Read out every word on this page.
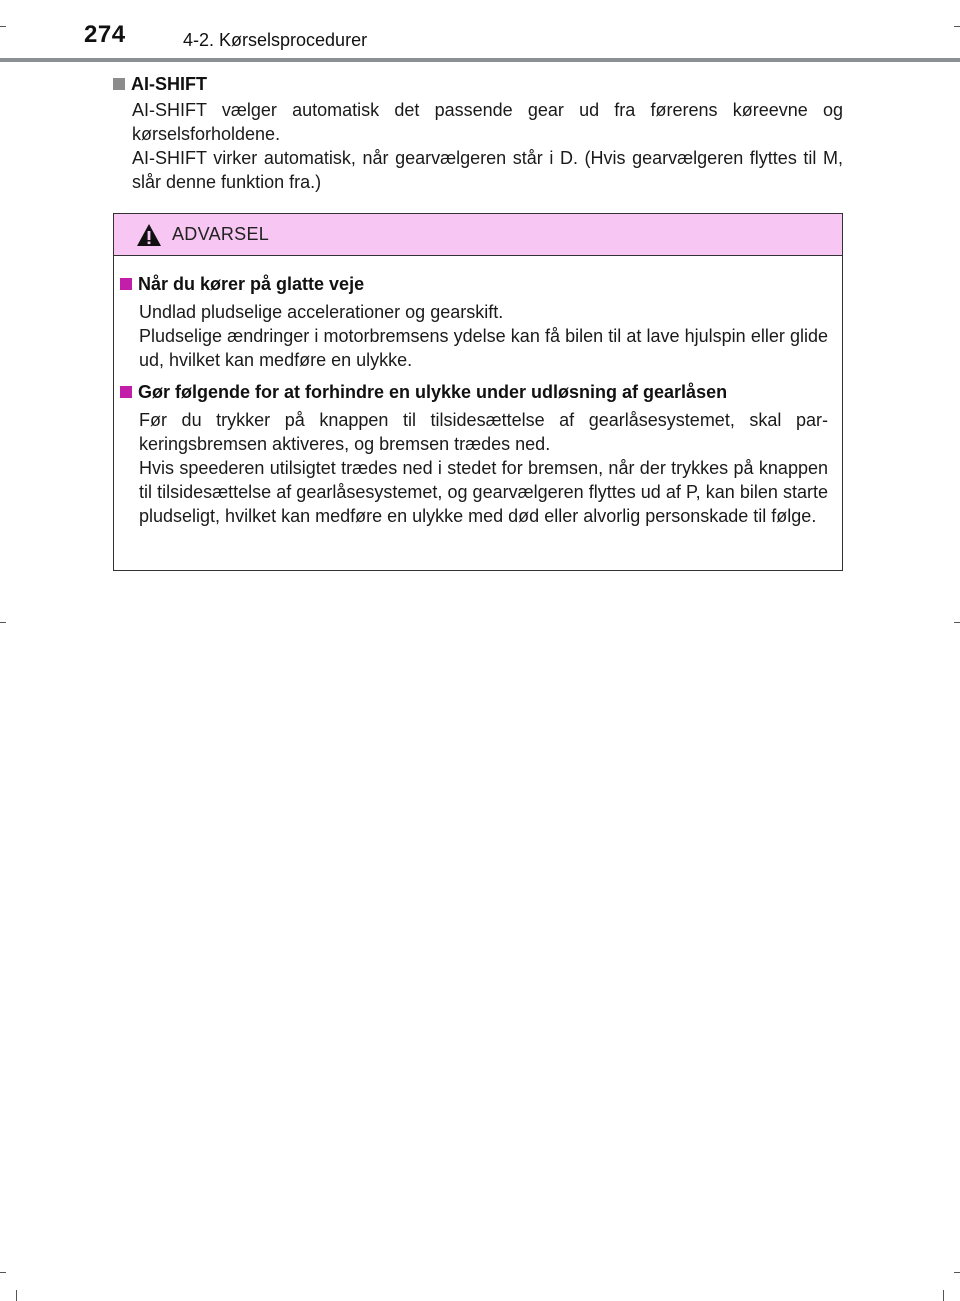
274	4-2. Kørselsprocedurer
AI-SHIFT
AI-SHIFT vælger automatisk det passende gear ud fra førerens køreevne og kørselsforholdene.
AI-SHIFT virker automatisk, når gearvælgeren står i D. (Hvis gearvælgeren flyttes til M, slår denne funktion fra.)
ADVARSEL
Når du kører på glatte veje
Undlad pludselige accelerationer og gearskift.
Pludselige ændringer i motorbremsens ydelse kan få bilen til at lave hjulspin eller glide ud, hvilket kan medføre en ulykke.
Gør følgende for at forhindre en ulykke under udløsning af gearlåsen
Før du trykker på knappen til tilsidesættelse af gearlåsesystemet, skal par-keringsbremsen aktiveres, og bremsen trædes ned.
Hvis speederen utilsigtet trædes ned i stedet for bremsen, når der trykkes på knappen til tilsidesættelse af gearlåsesystemet, og gearvælgeren flyttes ud af P, kan bilen starte pludseligt, hvilket kan medføre en ulykke med død eller alvorlig personskade til følge.
